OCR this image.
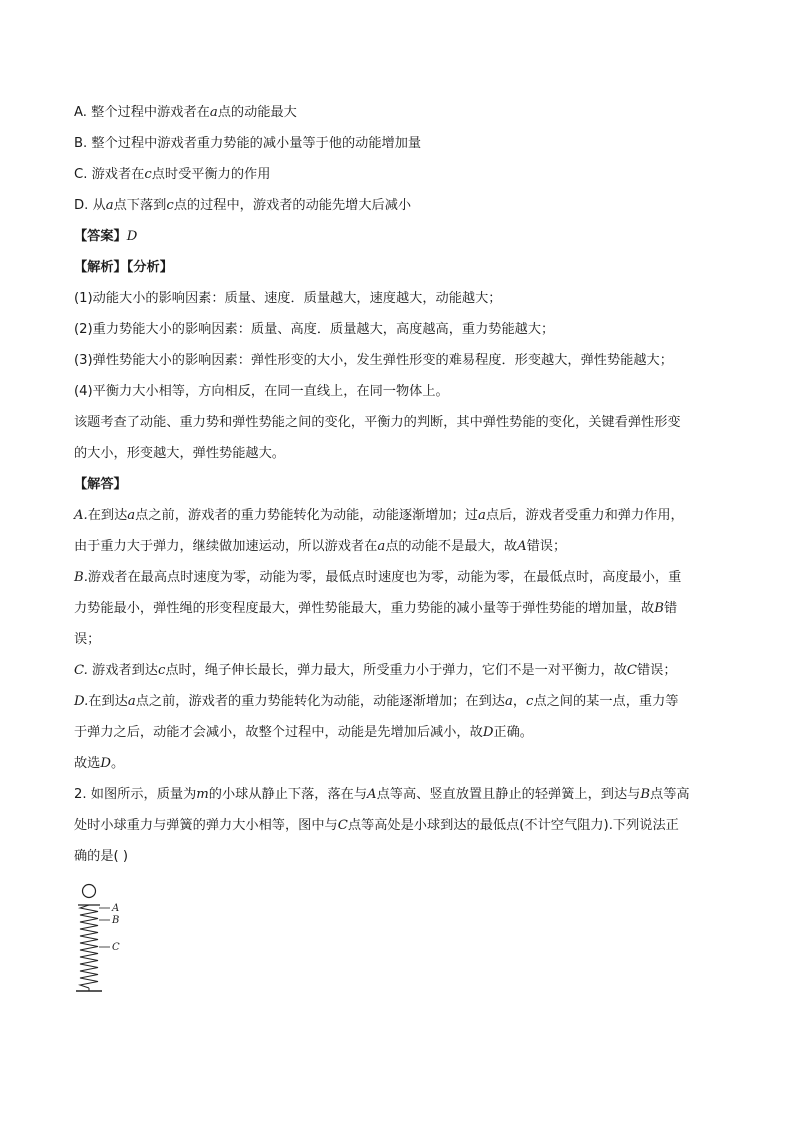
A. 整个过程中游戏者在a点的动能最大
B. 整个过程中游戏者重力势能的减小量等于他的动能增加量
C. 游戏者在c点时受平衡力的作用
D. 从a点下落到c点的过程中，游戏者的动能先增大后减小
【答案】D
【解析】【分析】
(1)动能大小的影响因素：质量、速度．质量越大，速度越大，动能越大；
(2)重力势能大小的影响因素：质量、高度．质量越大，高度越高，重力势能越大；
(3)弹性势能大小的影响因素：弹性形变的大小，发生弹性形变的难易程度．形变越大，弹性势能越大；
(4)平衡力大小相等，方向相反，在同一直线上，在同一物体上。
该题考查了动能、重力势和弹性势能之间的变化，平衡力的判断，其中弹性势能的变化，关键看弹性形变
的大小，形变越大，弹性势能越大。
【解答】
A.在到达a点之前，游戏者的重力势能转化为动能，动能逐渐增加；过a点后，游戏者受重力和弹力作用，
由于重力大于弹力，继续做加速运动，所以游戏者在a点的动能不是最大，故A错误；
B.游戏者在最高点时速度为零，动能为零，最低点时速度也为零，动能为零，在最低点时，高度最小，重
力势能最小，弹性绳的形变程度最大，弹性势能最大，重力势能的减小量等于弹性势能的增加量，故B错
误；
C. 游戏者到达c点时，绳子伸长最长，弹力最大，所受重力小于弹力，它们不是一对平衡力，故C错误；
D.在到达a点之前，游戏者的重力势能转化为动能，动能逐渐增加；在到达a，c点之间的某一点，重力等
于弹力之后，动能才会减小，故整个过程中，动能是先增加后减小，故D正确。
故选D。
2. 如图所示，质量为m的小球从静止下落，落在与A点等高、竖直放置且静止的轻弹簧上，到达与B点等高
处时小球重力与弹簧的弹力大小相等，图中与C点等高处是小球到达的最低点(不计空气阻力).下列说法正
确的是( )
A
B
C
